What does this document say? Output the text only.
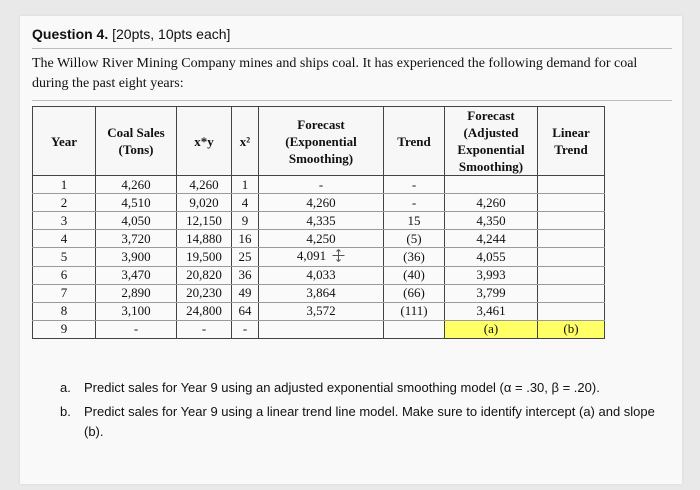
Question 4. [20pts, 10pts each]
The Willow River Mining Company mines and ships coal. It has experienced the following demand for coal during the past eight years:
Year	Coal Sales (Tons)	x*y	x²	Forecast (Exponential Smoothing)	Trend	Forecast (Adjusted Exponential Smoothing)	Linear Trend
1	4,260	4,260	1	-	-		
2	4,510	9,020	4	4,260	-	4,260	
3	4,050	12,150	9	4,335	15	4,350	
4	3,720	14,880	16	4,250	(5)	4,244	
5	3,900	19,500	25	4,091	(36)	4,055	
6	3,470	20,820	36	4,033	(40)	3,993	
7	2,890	20,230	49	3,864	(66)	3,799	
8	3,100	24,800	64	3,572	(111)	3,461	
9	-	-	-			(a)	(b)
a. Predict sales for Year 9 using an adjusted exponential smoothing model (α = .30, β = .20).
b. Predict sales for Year 9 using a linear trend line model. Make sure to identify intercept (a) and slope (b).
